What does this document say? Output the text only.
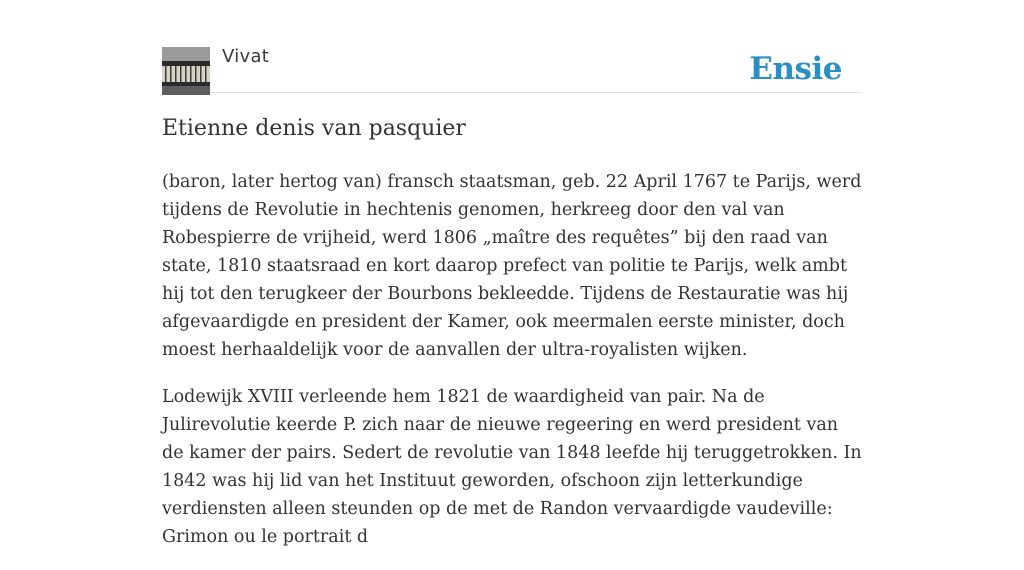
Vivat	Ensie
Etienne denis van pasquier

(baron, later hertog van) fransch staatsman, geb. 22 April 1767 te Parijs, werd tijdens de Revolutie in hechtenis genomen, herkreeg door den val van Robespierre de vrijheid, werd 1806 „maître des requêtes” bij den raad van state, 1810 staatsraad en kort daarop prefect van politie te Parijs, welk ambt hij tot den terugkeer der Bourbons bekleedde. Tijdens de Restauratie was hij afgevaardigde en president der Kamer, ook meermalen eerste minister, doch moest herhaaldelijk voor de aanvallen der ultra-royalisten wijken.

Lodewijk XVIII verleende hem 1821 de waardigheid van pair. Na de Julirevolutie keerde P. zich naar de nieuwe regeering en werd president van de kamer der pairs. Sedert de revolutie van 1848 leefde hij teruggetrokken. In 1842 was hij lid van het Instituut geworden, ofschoon zijn letterkundige verdiensten alleen steunden op de met de Randon vervaardigde vaudeville: Grimon ou le portrait d
